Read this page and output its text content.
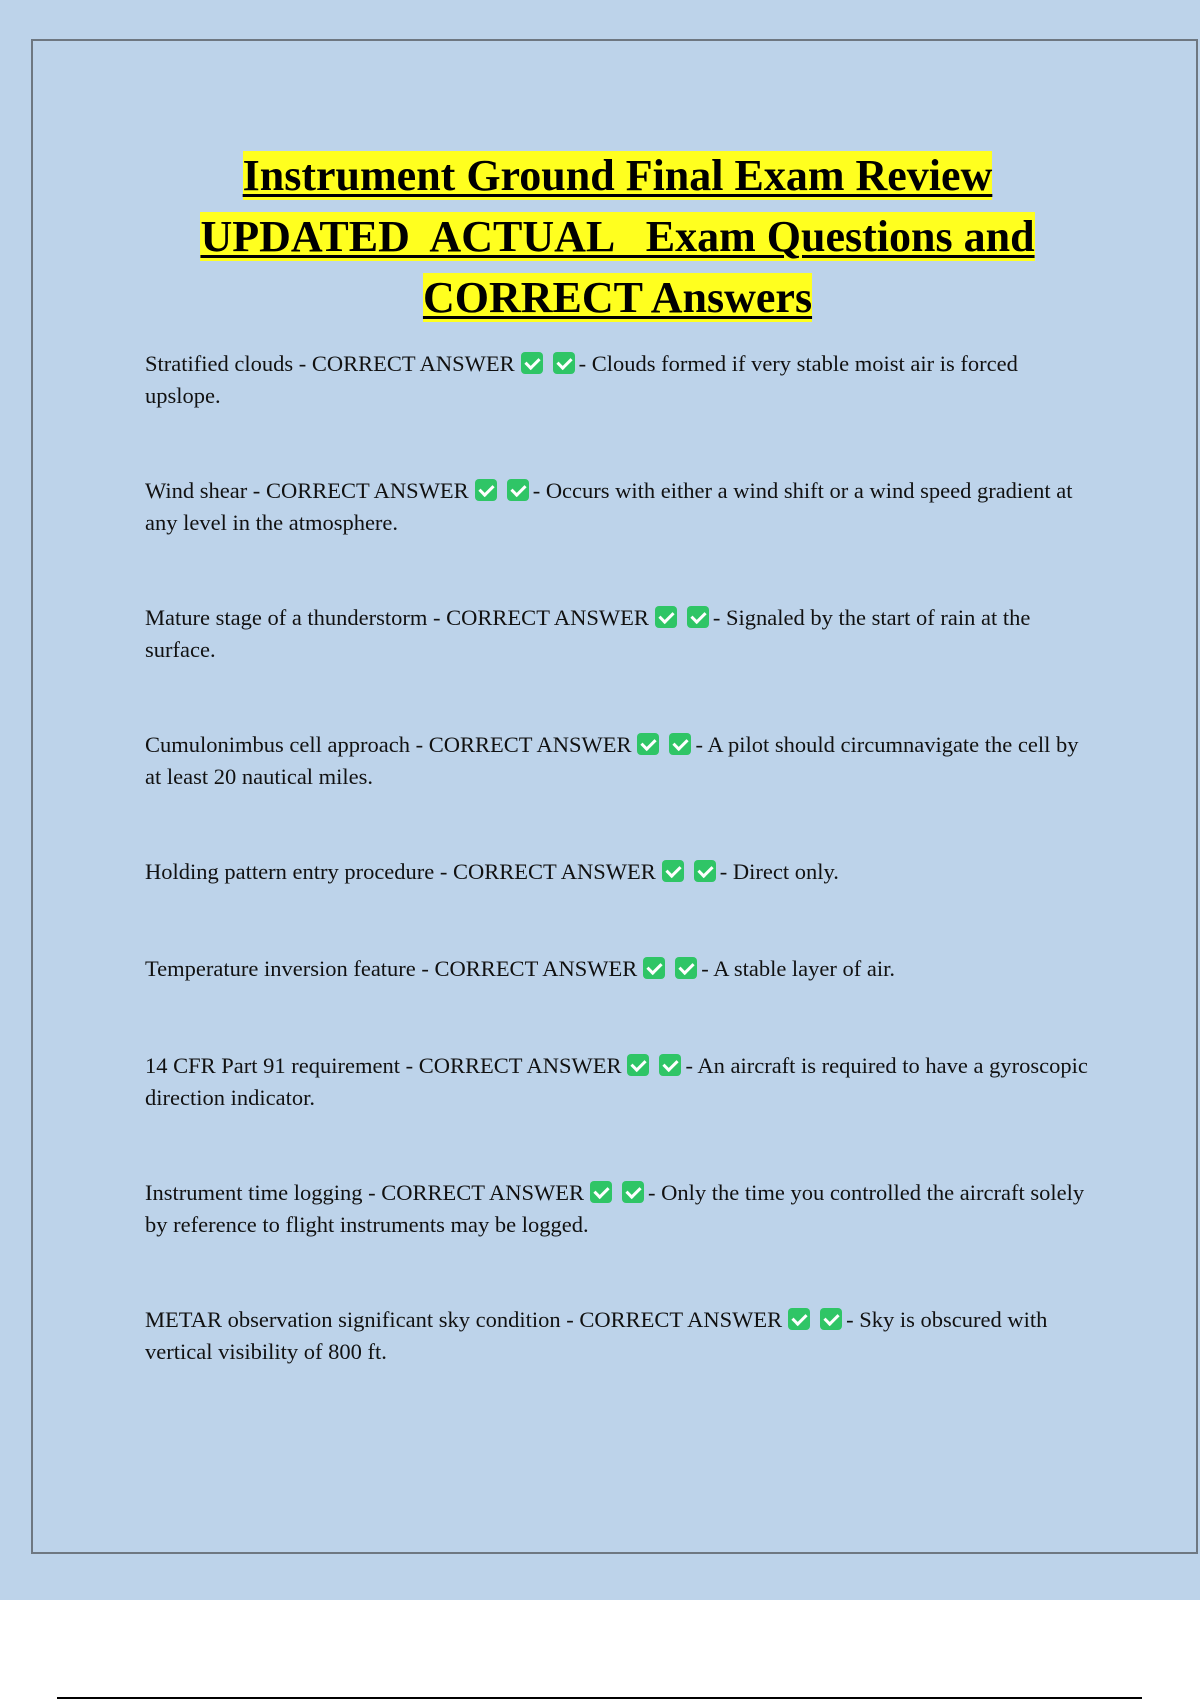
Instrument Ground Final Exam Review
UPDATED  ACTUAL   Exam Questions and
CORRECT Answers
Stratified clouds - CORRECT ANSWER	- Clouds formed if very stable moist air is forced upslope.
Wind shear - CORRECT ANSWER	- Occurs with either a wind shift or a wind speed gradient at any level in the atmosphere.
Mature stage of a thunderstorm - CORRECT ANSWER	- Signaled by the start of rain at the surface.
Cumulonimbus cell approach - CORRECT ANSWER	- A pilot should circumnavigate the cell by at least 20 nautical miles.
Holding pattern entry procedure - CORRECT ANSWER	- Direct only.
Temperature inversion feature - CORRECT ANSWER	- A stable layer of air.
14 CFR Part 91 requirement - CORRECT ANSWER	- An aircraft is required to have a gyroscopic direction indicator.
Instrument time logging - CORRECT ANSWER	- Only the time you controlled the aircraft solely by reference to flight instruments may be logged.
METAR observation significant sky condition - CORRECT ANSWER	- Sky is obscured with vertical visibility of 800 ft.
